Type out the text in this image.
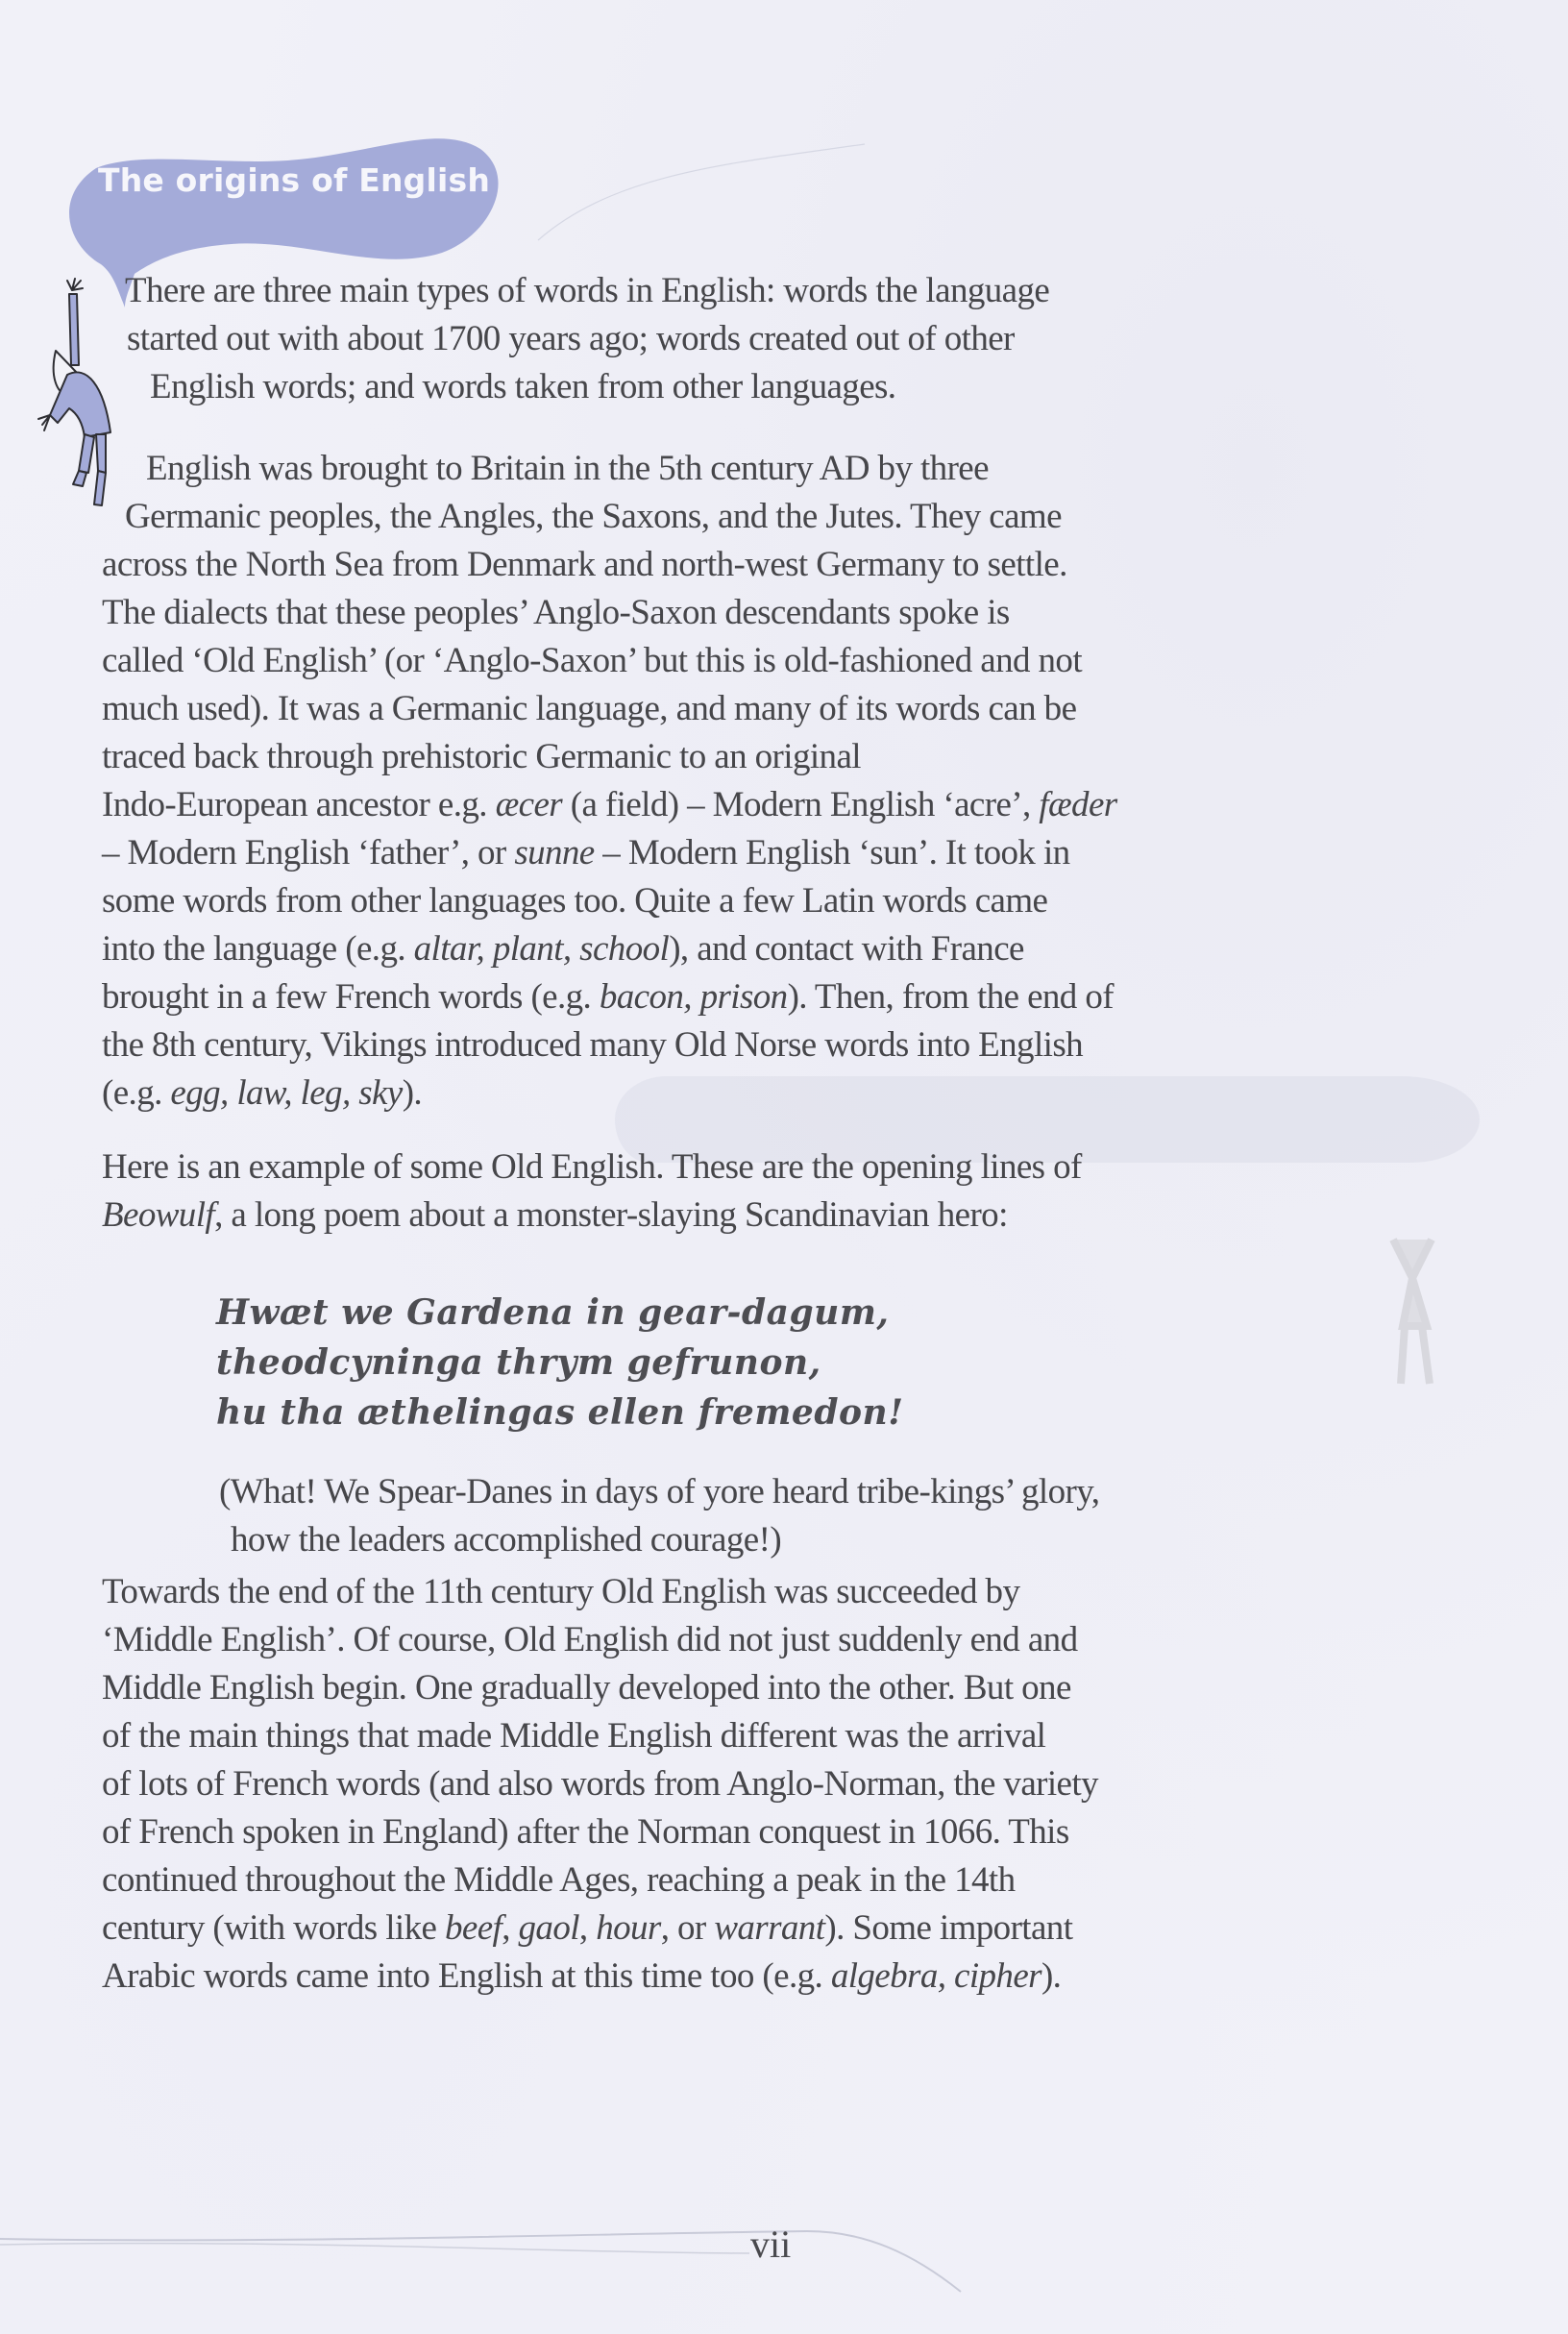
The origins of English
There are three main types of words in English: words the language
started out with about 1700 years ago; words created out of other
English words; and words taken from other languages.
English was brought to Britain in the 5th century AD by three
Germanic peoples, the Angles, the Saxons, and the Jutes. They came
across the North Sea from Denmark and north-west Germany to settle.
The dialects that these peoples’ Anglo-Saxon descendants spoke is
called ‘Old English’ (or ‘Anglo-Saxon’ but this is old-fashioned and not
much used). It was a Germanic language, and many of its words can be
traced back through prehistoric Germanic to an original
Indo-European ancestor e.g. æcer (a field) – Modern English ‘acre’, fæder
– Modern English ‘father’, or sunne – Modern English ‘sun’. It took in
some words from other languages too. Quite a few Latin words came
into the language (e.g. altar, plant, school), and contact with France
brought in a few French words (e.g. bacon, prison). Then, from the end of
the 8th century, Vikings introduced many Old Norse words into English
(e.g. egg, law, leg, sky).
Here is an example of some Old English. These are the opening lines of
Beowulf, a long poem about a monster-slaying Scandinavian hero:
Hwæt we Gardena in gear-dagum,
theodcyninga thrym gefrunon,
hu tha æthelingas ellen fremedon!
(What! We Spear-Danes in days of yore heard tribe-kings’ glory,
how the leaders accomplished courage!)
Towards the end of the 11th century Old English was succeeded by
‘Middle English’. Of course, Old English did not just suddenly end and
Middle English begin. One gradually developed into the other. But one
of the main things that made Middle English different was the arrival
of lots of French words (and also words from Anglo-Norman, the variety
of French spoken in England) after the Norman conquest in 1066. This
continued throughout the Middle Ages, reaching a peak in the 14th
century (with words like beef, gaol, hour, or warrant). Some important
Arabic words came into English at this time too (e.g. algebra, cipher).
vii
